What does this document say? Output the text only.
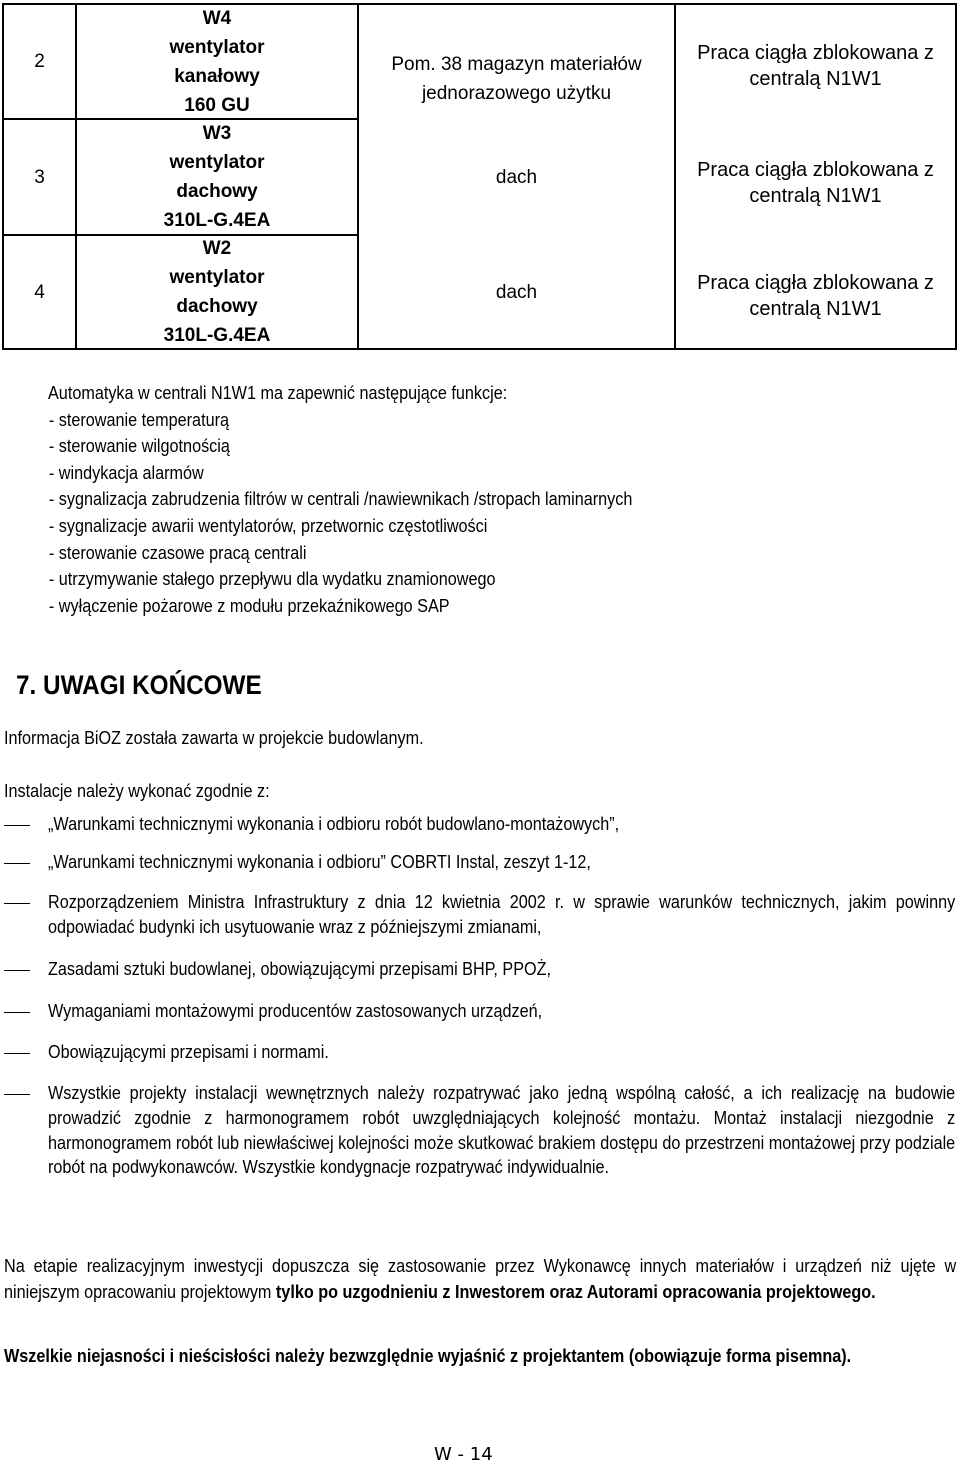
2
W4
wentylator
kanałowy
160 GU
Pom. 38 magazyn materiałów
jednorazowego użytku
Praca ciągła zblokowana z
centralą N1W1
3
W3
wentylator
dachowy
310L-G.4EA
dach	Praca ciągła zblokowana z
centralą N1W1
4
W2
wentylator
dachowy
310L-G.4EA
dach	Praca ciągła zblokowana z
centralą N1W1
Automatyka w centrali N1W1 ma zapewnić następujące funkcje:
- sterowanie temperaturą
- sterowanie wilgotnością
- windykacja alarmów
- sygnalizacja zabrudzenia filtrów w centrali /nawiewnikach /stropach laminarnych
- sygnalizacje awarii wentylatorów, przetwornic częstotliwości
- sterowanie czasowe pracą centrali
- utrzymywanie stałego przepływu dla wydatku znamionowego
- wyłączenie pożarowe z modułu przekaźnikowego SAP
7. UWAGI KOŃCOWE
Informacja BiOZ została zawarta w projekcie budowlanym.
Instalacje należy wykonać zgodnie z:
„Warunkami technicznymi wykonania i odbioru robót budowlano-montażowych”,
„Warunkami technicznymi wykonania i odbioru” COBRTI Instal, zeszyt 1-12,
Rozporządzeniem Ministra Infrastruktury z dnia 12 kwietnia 2002 r. w sprawie warunków technicznych, jakim powinny odpowiadać budynki ich usytuowanie wraz z późniejszymi zmianami,
Zasadami sztuki budowlanej, obowiązującymi przepisami BHP, PPOŻ,
Wymaganiami montażowymi producentów zastosowanych urządzeń,
Obowiązującymi przepisami i normami.
Wszystkie projekty instalacji wewnętrznych należy rozpatrywać jako jedną wspólną całość, a ich realizację na budowie prowadzić zgodnie z harmonogramem robót uwzględniających kolejność montażu. Montaż instalacji niezgodnie z harmonogramem robót lub niewłaściwej kolejności może skutkować brakiem dostępu do przestrzeni montażowej przy podziale robót na podwykonawców. Wszystkie kondygnacje rozpatrywać indywidualnie.
Na etapie realizacyjnym inwestycji dopuszcza się zastosowanie przez Wykonawcę innych materiałów i urządzeń niż ujęte w niniejszym opracowaniu projektowym tylko po uzgodnieniu z Inwestorem oraz Autorami opracowania projektowego.
Wszelkie niejasności i nieścisłości należy bezwzględnie wyjaśnić z projektantem (obowiązuje forma pisemna).
W - 14
